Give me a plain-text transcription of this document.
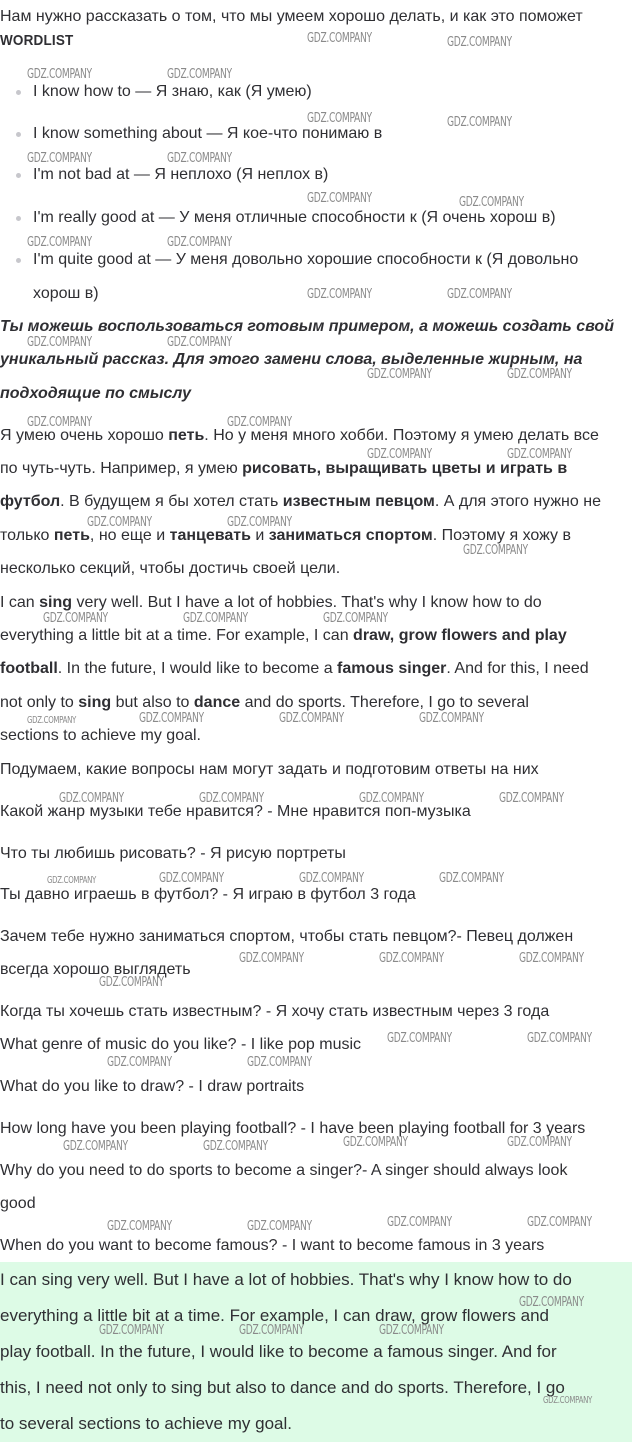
Нам нужно рассказать о том, что мы умеем хорошо делать, и как это поможет
WORDLIST
I know how to — Я знаю, как (Я умею)
I know something about — Я кое-что понимаю в
I'm not bad at — Я неплохо (Я неплох в)
I'm really good at — У меня отличные способности к (Я очень хорош в)
I'm quite good at — У меня довольно хорошие способности к (Я довольно
хорош в)
Ты можешь воспользоваться готовым примером, а можешь создать свой
уникальный рассказ. Для этого замени слова, выделенные жирным, на
подходящие по смыслу
Я умею очень хорошо петь. Но у меня много хобби. Поэтому я умею делать все
по чуть-чуть. Например, я умею рисовать, выращивать цветы и играть в
футбол. В будущем я бы хотел стать известным певцом. А для этого нужно не
только петь, но еще и танцевать и заниматься спортом. Поэтому я хожу в
несколько секций, чтобы достичь своей цели.
I can sing very well. But I have a lot of hobbies. That's why I know how to do
everything a little bit at a time. For example, I can draw, grow flowers and play
football. In the future, I would like to become a famous singer. And for this, I need
not only to sing but also to dance and do sports. Therefore, I go to several
sections to achieve my goal.
Подумаем, какие вопросы нам могут задать и подготовим ответы на них
Какой жанр музыки тебе нравится? - Мне нравится поп-музыка
Что ты любишь рисовать? - Я рисую портреты
Ты давно играешь в футбол? - Я играю в футбол 3 года
Зачем тебе нужно заниматься спортом, чтобы стать певцом?- Певец должен
всегда хорошо выглядеть
Когда ты хочешь стать известным? - Я хочу стать известным через 3 года
What genre of music do you like? - I like pop music
What do you like to draw? - I draw portraits
How long have you been playing football? - I have been playing football for 3 years
Why do you need to do sports to become a singer?- A singer should always look
good
When do you want to become famous? - I want to become famous in 3 years
I can sing very well. But I have a lot of hobbies. That's why I know how to do
everything a little bit at a time. For example, I can draw, grow flowers and
play football. In the future, I would like to become a famous singer. And for
this, I need not only to sing but also to dance and do sports. Therefore, I go
to several sections to achieve my goal.
GDZ.COMPANY	GDZ.COMPANY
GDZ.COMPANY	GDZ.COMPANY
GDZ.COMPANY	GDZ.COMPANY
GDZ.COMPANY	GDZ.COMPANY
GDZ.COMPANY	GDZ.COMPANY
GDZ.COMPANY	GDZ.COMPANY
GDZ.COMPANY	GDZ.COMPANY
GDZ.COMPANY	GDZ.COMPANY
GDZ.COMPANY	GDZ.COMPANY
GDZ.COMPANY	GDZ.COMPANY
GDZ.COMPANY	GDZ.COMPANY
GDZ.COMPANY	GDZ.COMPANY
GDZ.COMPANY
GDZ.COMPANY	GDZ.COMPANY	GDZ.COMPANY
GDZ.COMPANY	GDZ.COMPANY	GDZ.COMPANY	GDZ.COMPANY
GDZ.COMPANY	GDZ.COMPANY	GDZ.COMPANY	GDZ.COMPANY
GDZ.COMPANY	GDZ.COMPANY	GDZ.COMPANY	GDZ.COMPANY
GDZ.COMPANY	GDZ.COMPANY	GDZ.COMPANY
GDZ.COMPANY
GDZ.COMPANY	GDZ.COMPANY
GDZ.COMPANY	GDZ.COMPANY
GDZ.COMPANY	GDZ.COMPANY
GDZ.COMPANY	GDZ.COMPANY
GDZ.COMPANY	GDZ.COMPANY	GDZ.COMPANY	GDZ.COMPANY
GDZ.COMPANY
GDZ.COMPANY	GDZ.COMPANY	GDZ.COMPANY
GDZ.COMPANY
